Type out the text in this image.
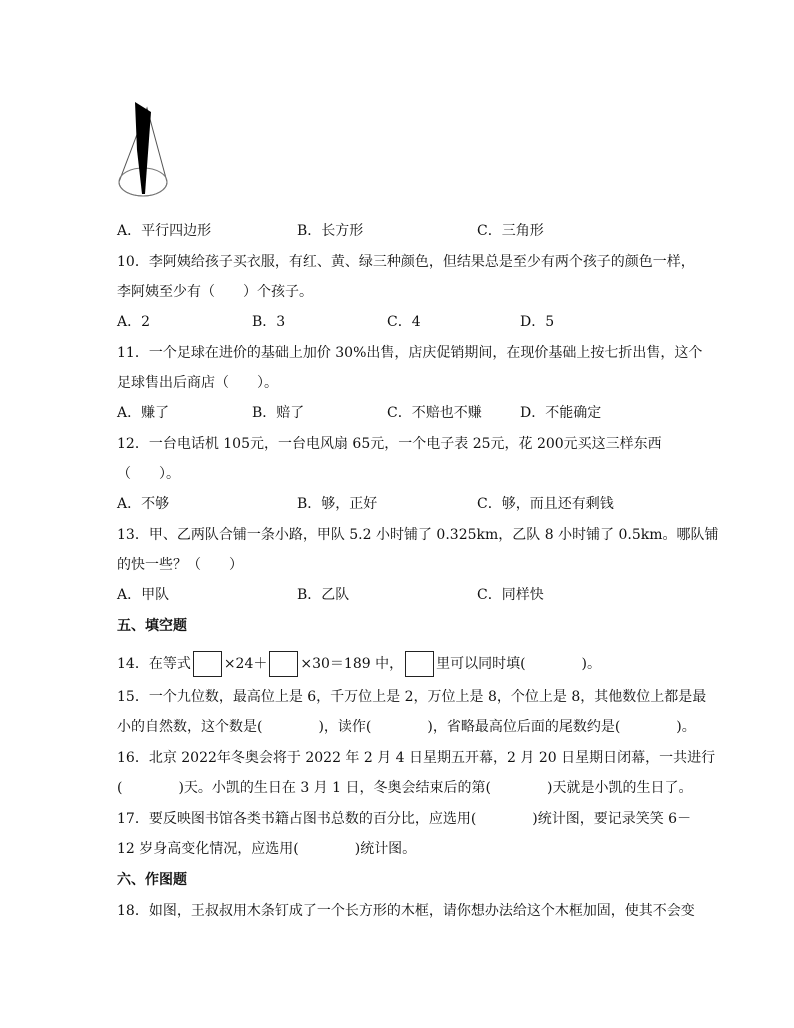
A．平行四边形	B．长方形	C．三角形
10．李阿姨给孩子买衣服，有红、黄、绿三种颜色，但结果总是至少有两个孩子的颜色一样，
李阿姨至少有（　　）个孩子。
A．2	B．3	C．4	D．5
11．一个足球在进价的基础上加价 30%出售，店庆促销期间，在现价基础上按七折出售，这个
足球售出后商店（　　）。
A．赚了	B．赔了	C．不赔也不赚	D．不能确定
12．一台电话机 105元，一台电风扇 65元，一个电子表 25元，花 200元买这三样东西
（　　）。
A．不够	B．够，正好	C．够，而且还有剩钱
13．甲、乙两队合铺一条小路，甲队 5.2 小时铺了 0.325km，乙队 8 小时铺了 0.5km。哪队铺
的快一些？（　　）
A．甲队	B．乙队	C．同样快
五、填空题
14．在等式 ×24＋ ×30＝189 中， 里可以同时填(　　　　)。
15．一个九位数，最高位上是 6，千万位上是 2，万位上是 8，个位上是 8，其他数位上都是最
小的自然数，这个数是(　　　　)，读作(　　　　)，省略最高位后面的尾数约是(　　　　)。
16．北京 2022年冬奥会将于 2022 年 2 月 4 日星期五开幕，2 月 20 日星期日闭幕，一共进行
(　　　　)天。小凯的生日在 3 月 1 日，冬奥会结束后的第(　　　　)天就是小凯的生日了。
17．要反映图书馆各类书籍占图书总数的百分比，应选用(　　　　)统计图，要记录笑笑 6－
12 岁身高变化情况，应选用(　　　　)统计图。
六、作图题
18．如图，王叔叔用木条钉成了一个长方形的木框，请你想办法给这个木框加固，使其不会变
